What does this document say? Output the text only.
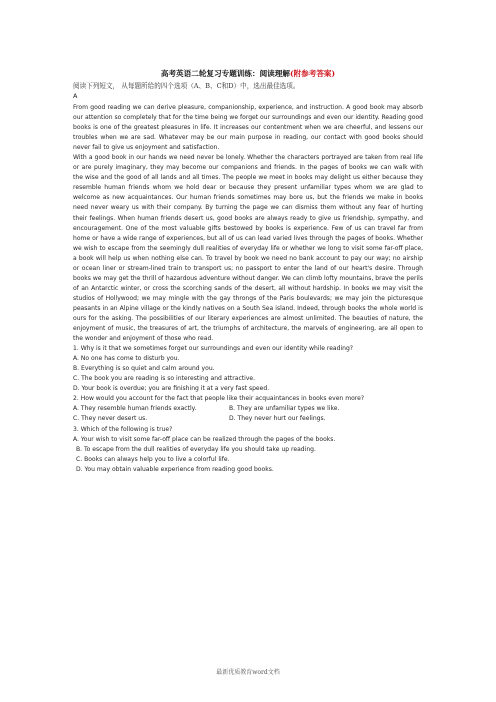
高考英语二轮复习专题训练：阅读理解(附参考答案)
阅读下列短文， 从每题所给的四个选项（A、B、C和D）中，选出最佳选项。
A

From good reading we can derive pleasure, companionship, experience, and instruction. A good book may absorb our attention so completely that for the time being we forget our surroundings and even our identity. Reading good books is one of the greatest pleasures in life. It increases our contentment when we are cheerful, and lessens our troubles when we are sad. Whatever may be our main purpose in reading, our contact with good books should never fail to give us enjoyment and satisfaction.

With a good book in our hands we need never be lonely. Whether the characters portrayed are taken from real life or are purely imaginary, they may become our companions and friends. In the pages of books we can walk with the wise and the good of all lands and all times. The people we meet in books may delight us either because they resemble human friends whom we hold dear or because they present unfamiliar types whom we are glad to welcome as new acquaintances. Our human friends sometimes may bore us, but the friends we make in books need never weary us with their company. By turning the page we can dismiss them without any fear of hurting their feelings. When human friends desert us, good books are always ready to give us friendship, sympathy, and encouragement. One of the most valuable gifts bestowed by books is experience. Few of us can travel far from home or have a wide range of experiences, but all of us can lead varied lives through the pages of books. Whether we wish to escape from the seemingly dull realities of everyday life or whether we long to visit some far-off place, a book will help us when nothing else can. To travel by book we need no bank account to pay our way; no airship or ocean liner or stream-lined train to transport us; no passport to enter the land of our heart's desire. Through books we may get the thrill of hazardous adventure without danger. We can climb lofty mountains, brave the perils of an Antarctic winter, or cross the scorching sands of the desert, all without hardship. In books we may visit the studios of Hollywood; we may mingle with the gay throngs of the Paris boulevards; we may join the picturesque peasants in an Alpine village or the kindly natives on a South Sea island. Indeed, through books the whole world is ours for the asking. The possibilities of our literary experiences are almost unlimited. The beauties of nature, the enjoyment of music, the treasures of art, the triumphs of architecture, the marvels of engineering, are all open to the wonder and enjoyment of those who read.

1. Why is it that we sometimes forget our surroundings and even our identity while reading?

A. No one has come to disturb you.

B. Everything is so quiet and calm around you.

C. The book you are reading is so interesting and attractive.

D. Your book is overdue; you are finishing it at a very fast speed.

2. How would you account for the fact that people like their acquaintances in books even more?

A. They resemble human friends exactly.	B. They are unfamiliar types we like.
C. They never desert us.	D. They never hurt our feelings.

3. Which of the following is true?

A. Your wish to visit some far-off place can be realized through the pages of the books.

B. To escape from the dull realities of everyday life you should take up reading.

C. Books can always help you to live a colorful life.

D. You may obtain valuable experience from reading good books.

最新优质教育word文档
